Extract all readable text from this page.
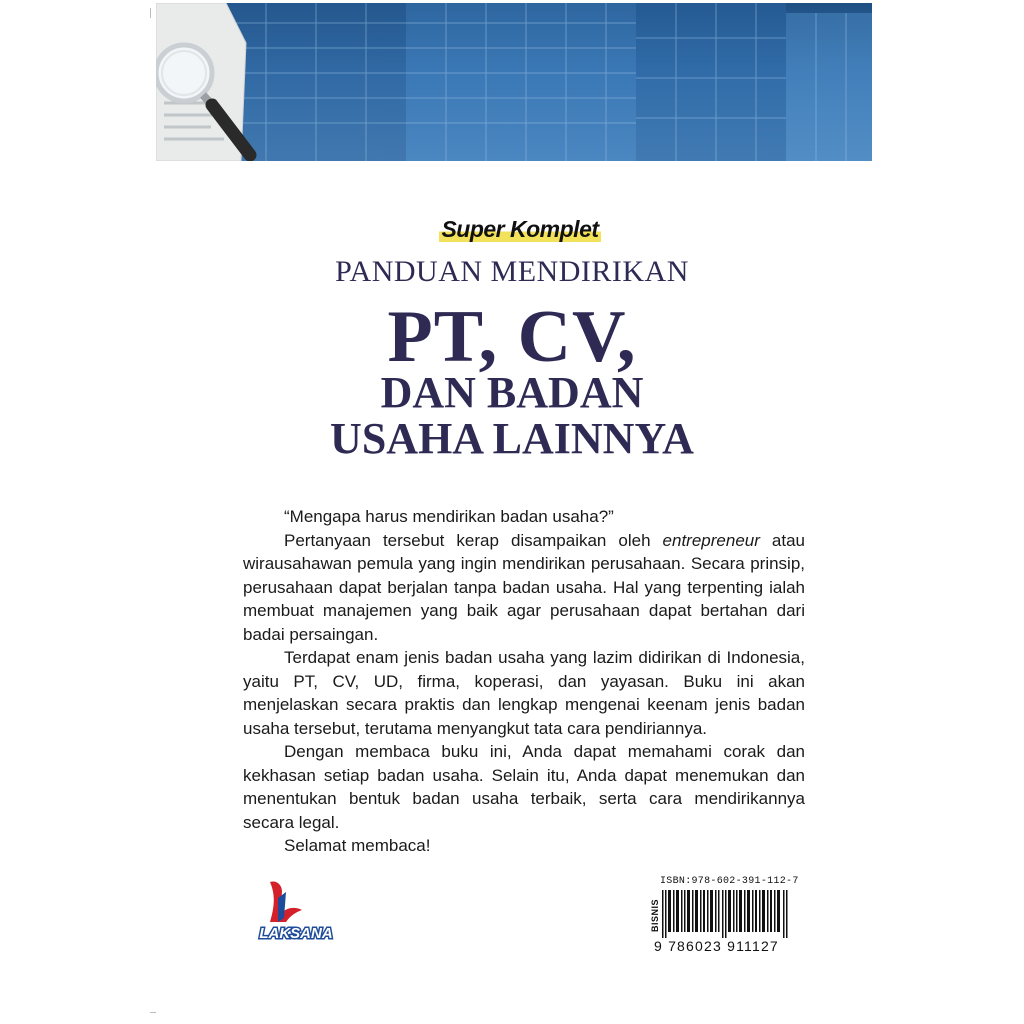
Super Komplet
PANDUAN MENDIRIKAN
PT, CV,
DAN BADAN
USAHA LAINNYA

“Mengapa harus mendirikan badan usaha?”

Pertanyaan tersebut kerap disampaikan oleh entrepreneur atau wirausahawan pemula yang ingin mendirikan perusahaan. Secara prinsip, perusahaan dapat berjalan tanpa badan usaha. Hal yang terpenting ialah membuat manajemen yang baik agar perusahaan dapat bertahan dari badai persaingan.

Terdapat enam jenis badan usaha yang lazim didirikan di Indonesia, yaitu PT, CV, UD, firma, koperasi, dan yayasan. Buku ini akan menjelaskan secara praktis dan lengkap mengenai keenam jenis badan usaha tersebut, terutama menyangkut tata cara pendiriannya.

Dengan membaca buku ini, Anda dapat memahami corak dan kekhasan setiap badan usaha. Selain itu, Anda dapat menemukan dan menentukan bentuk badan usaha terbaik, serta cara mendirikannya secara legal.

Selamat membaca!

LAKSANA
ISBN:978-602-391-112-7
BISNIS
9 786023 911127
